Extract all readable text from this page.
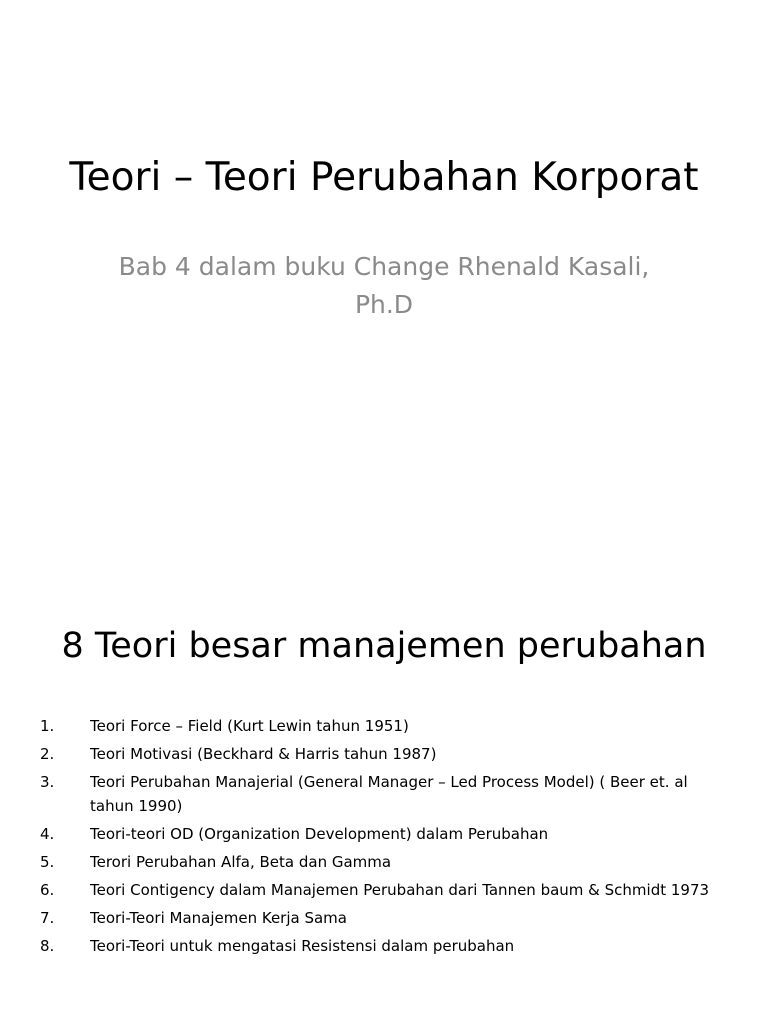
Teori – Teori Perubahan Korporat

Bab 4 dalam buku Change Rhenald Kasali, Ph.D

8 Teori besar manajemen perubahan
1.	Teori Force – Field (Kurt Lewin tahun 1951)
2.	Teori Motivasi (Beckhard & Harris tahun 1987)
3.	Teori Perubahan Manajerial (General Manager – Led Process Model) ( Beer et. al tahun 1990)
4.	Teori-teori OD (Organization Development) dalam Perubahan
5.	Terori Perubahan Alfa, Beta dan Gamma
6.	Teori Contigency dalam Manajemen Perubahan dari Tannen baum & Schmidt 1973
7.	Teori-Teori Manajemen Kerja Sama
8.	Teori-Teori untuk mengatasi Resistensi dalam perubahan
